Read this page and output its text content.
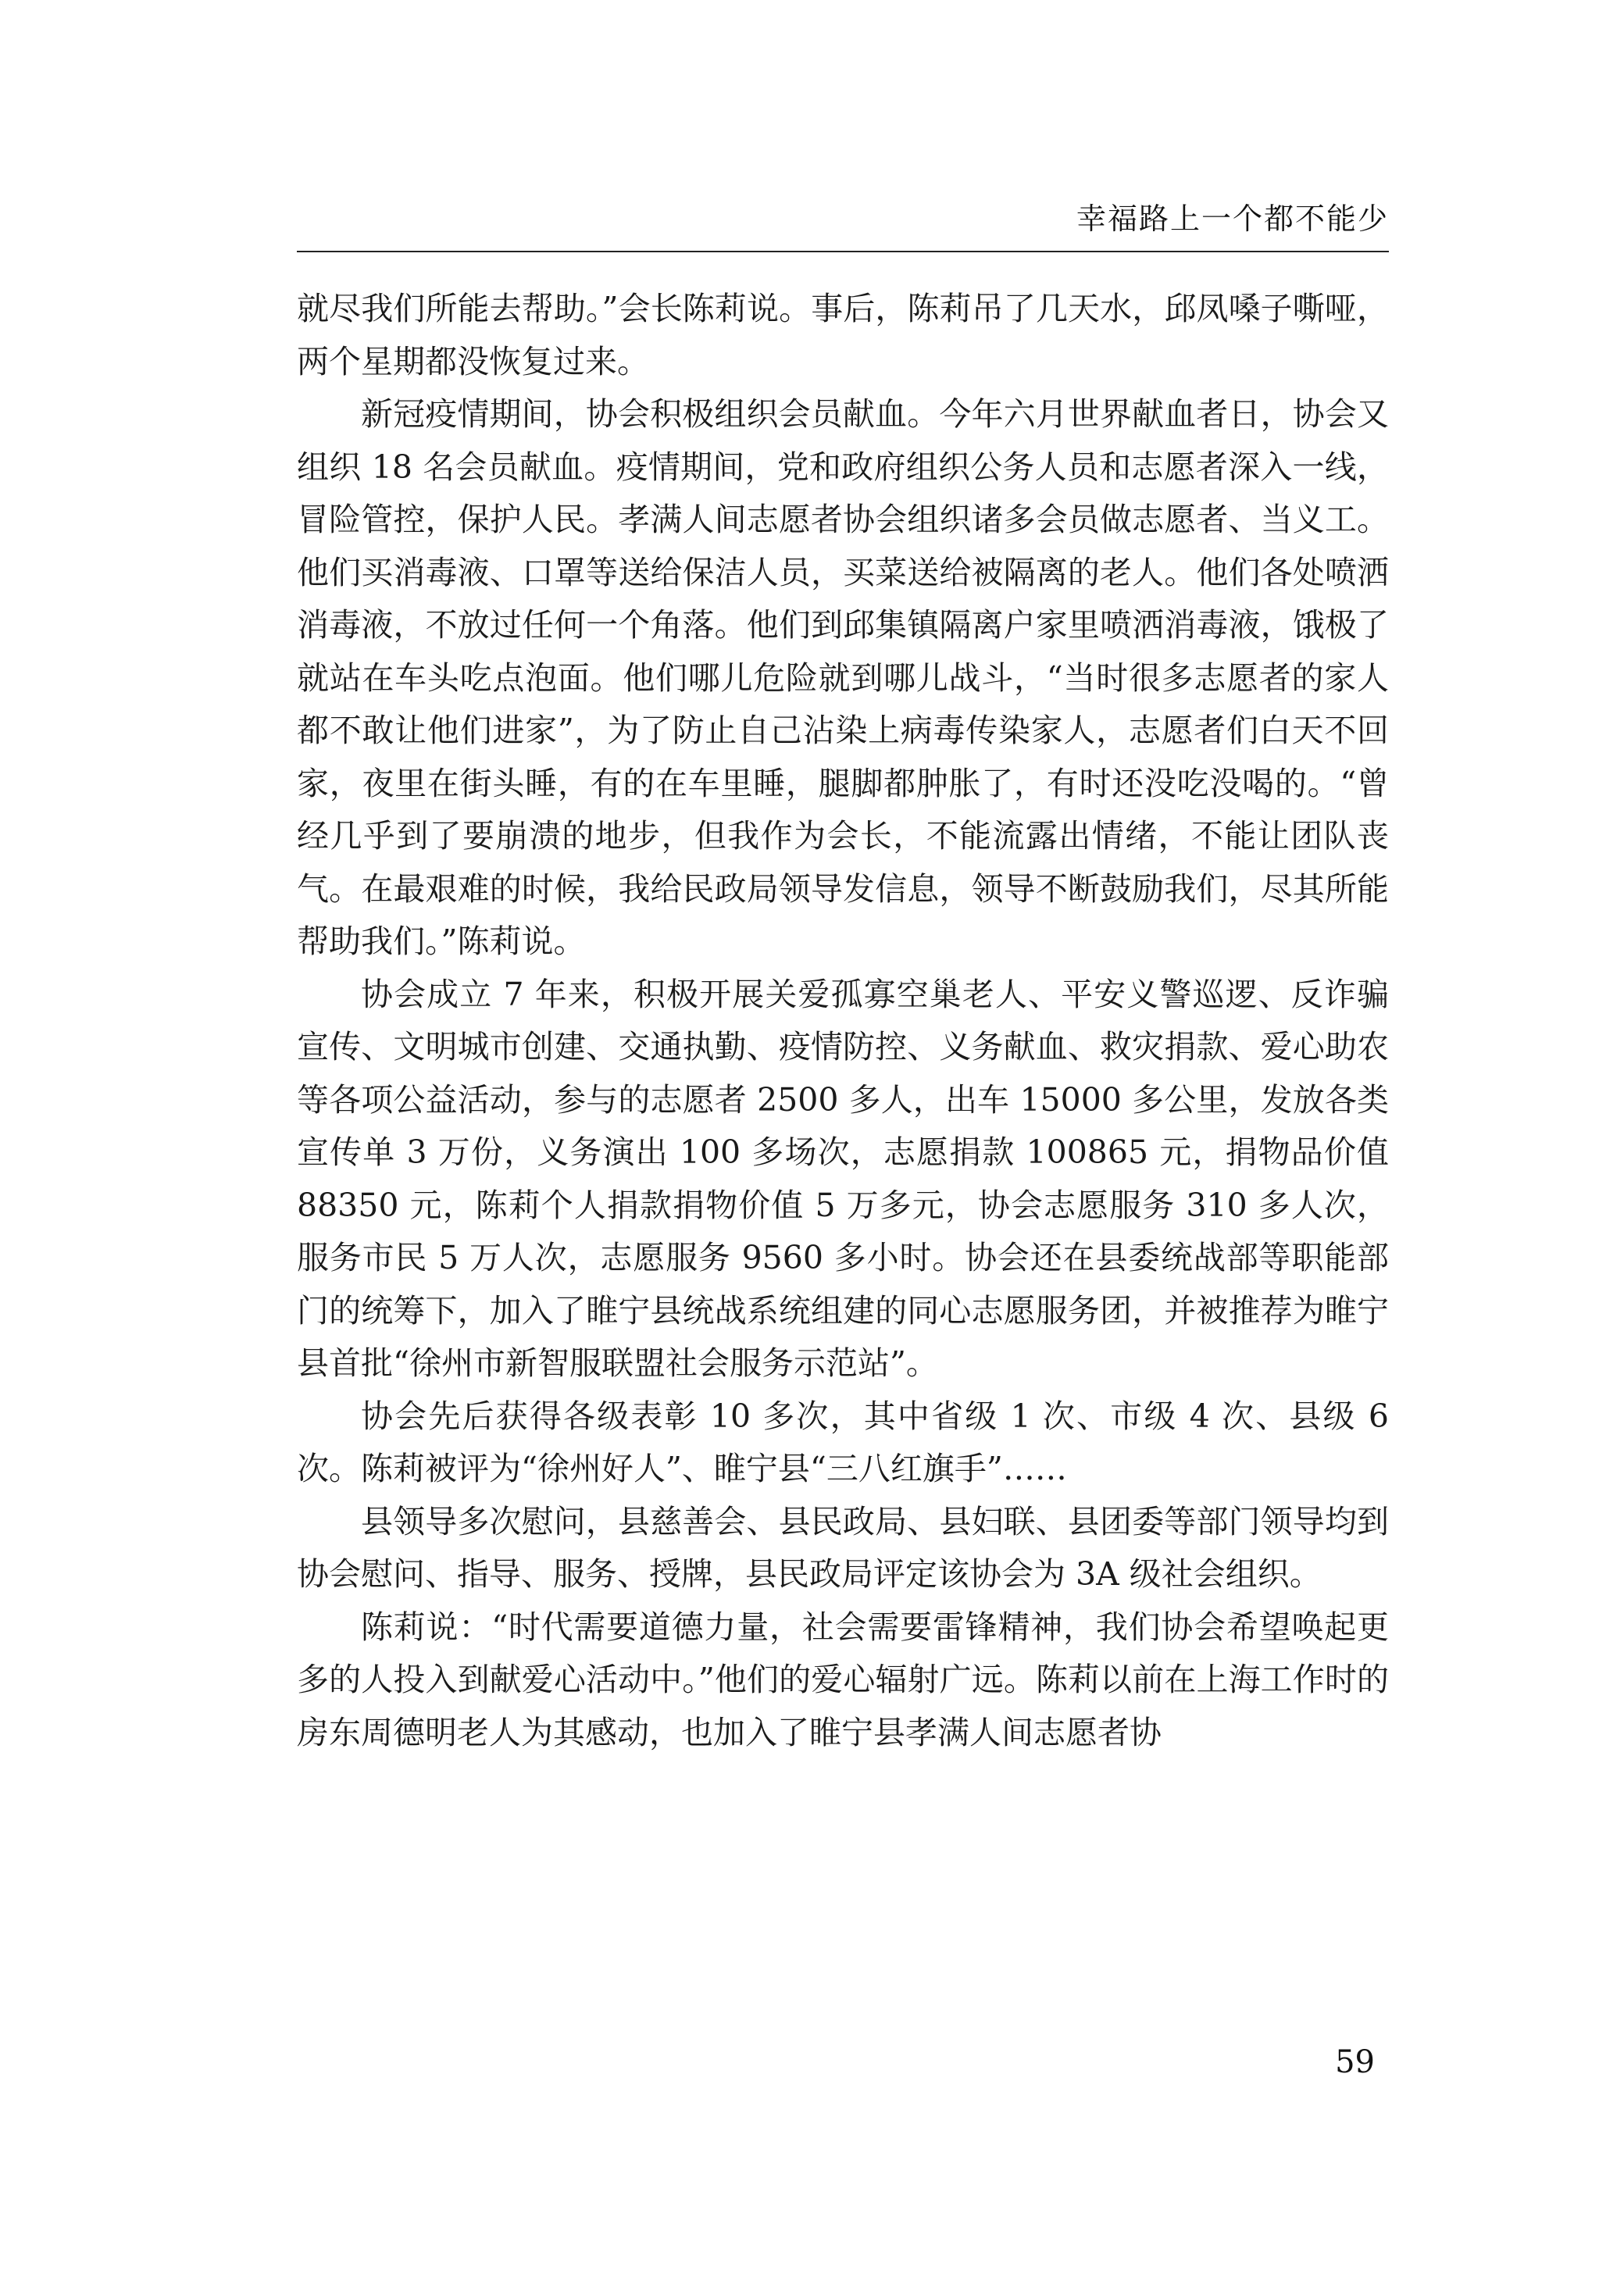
幸福路上一个都不能少

就尽我们所能去帮助。”会长陈莉说。事后，陈莉吊了几天水，邱凤嗓子嘶哑，两个星期都没恢复过来。

新冠疫情期间，协会积极组织会员献血。今年六月世界献血者日，协会又组织 18 名会员献血。疫情期间，党和政府组织公务人员和志愿者深入一线，冒险管控，保护人民。孝满人间志愿者协会组织诸多会员做志愿者、当义工。他们买消毒液、口罩等送给保洁人员，买菜送给被隔离的老人。他们各处喷洒消毒液，不放过任何一个角落。他们到邱集镇隔离户家里喷洒消毒液，饿极了就站在车头吃点泡面。他们哪儿危险就到哪儿战斗，“当时很多志愿者的家人都不敢让他们进家”，为了防止自己沾染上病毒传染家人，志愿者们白天不回家，夜里在街头睡，有的在车里睡，腿脚都肿胀了，有时还没吃没喝的。“曾经几乎到了要崩溃的地步，但我作为会长，不能流露出情绪，不能让团队丧气。在最艰难的时候，我给民政局领导发信息，领导不断鼓励我们，尽其所能帮助我们。”陈莉说。

协会成立 7 年来，积极开展关爱孤寡空巢老人、平安义警巡逻、反诈骗宣传、文明城市创建、交通执勤、疫情防控、义务献血、救灾捐款、爱心助农等各项公益活动，参与的志愿者 2500 多人，出车 15000 多公里，发放各类宣传单 3 万份，义务演出 100 多场次，志愿捐款 100865 元，捐物品价值 88350 元，陈莉个人捐款捐物价值 5 万多元，协会志愿服务 310 多人次，服务市民 5 万人次，志愿服务 9560 多小时。协会还在县委统战部等职能部门的统筹下，加入了睢宁县统战系统组建的同心志愿服务团，并被推荐为睢宁县首批“徐州市新智服联盟社会服务示范站”。

协会先后获得各级表彰 10 多次，其中省级 1 次、市级 4 次、县级 6 次。陈莉被评为“徐州好人”、睢宁县“三八红旗手”……

县领导多次慰问，县慈善会、县民政局、县妇联、县团委等部门领导均到协会慰问、指导、服务、授牌，县民政局评定该协会为 3A 级社会组织。

陈莉说：“时代需要道德力量，社会需要雷锋精神，我们协会希望唤起更多的人投入到献爱心活动中。”他们的爱心辐射广远。陈莉以前在上海工作时的房东周德明老人为其感动，也加入了睢宁县孝满人间志愿者协

59
